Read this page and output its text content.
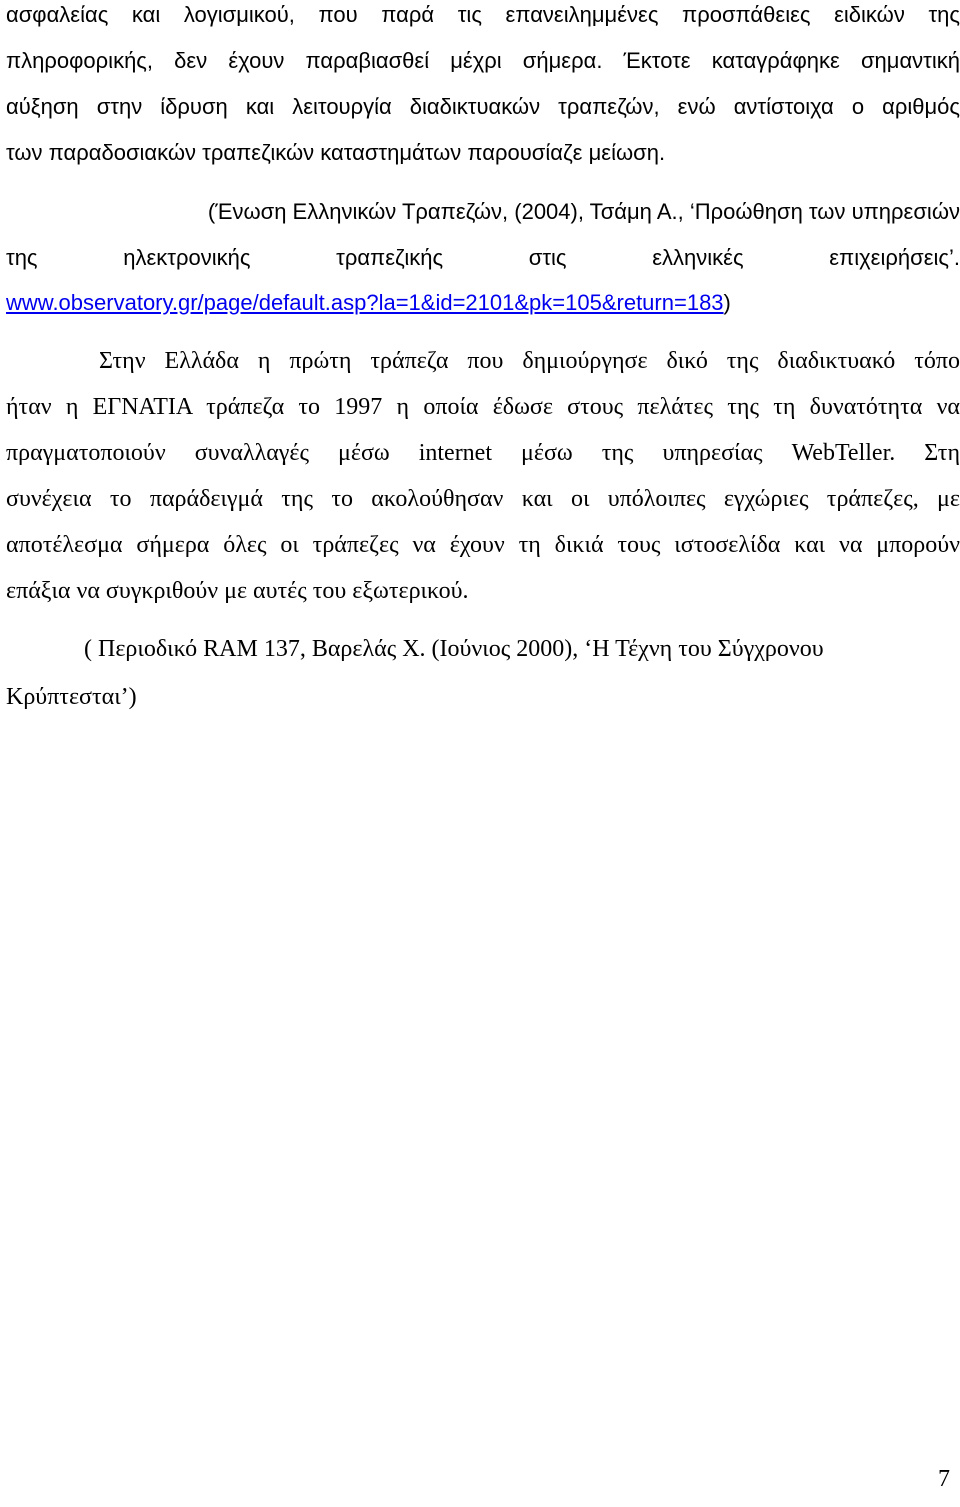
ασφαλείας και λογισμικού, που παρά τις επανειλημμένες προσπάθειες ειδικών της
πληροφορικής, δεν έχουν παραβιασθεί μέχρι σήμερα. Έκτοτε καταγράφηκε σημαντική
αύξηση στην ίδρυση και λειτουργία διαδικτυακών τραπεζών, ενώ αντίστοιχα ο αριθμός
των παραδοσιακών τραπεζικών καταστημάτων παρουσίαζε μείωση.
(Ένωση Ελληνικών Τραπεζών, (2004), Τσάμη Α., ‘Προώθηση των υπηρεσιών
της ηλεκτρονικής τραπεζικής στις ελληνικές επιχειρήσεις’.
www.observatory.gr/page/default.asp?la=1&id=2101&pk=105&return=183)
Στην Ελλάδα η πρώτη τράπεζα που δημιούργησε δικό της διαδικτυακό τόπο
ήταν η ΕΓΝΑΤΙΑ τράπεζα το 1997 η οποία έδωσε στους πελάτες της τη δυνατότητα να
πραγματοποιούν συναλλαγές μέσω internet μέσω της υπηρεσίας WebTeller. Στη
συνέχεια το παράδειγμά της το ακολούθησαν και οι υπόλοιπες εγχώριες τράπεζες, με
αποτέλεσμα σήμερα όλες οι τράπεζες να έχουν τη δικιά τους ιστοσελίδα και να μπορούν
επάξια να συγκριθούν με αυτές του εξωτερικού.
( Περιοδικό RAM 137, Βαρελάς Χ. (Ιούνιος 2000), ‘Η Τέχνη του Σύγχρονου
Κρύπτεσται’)
7
